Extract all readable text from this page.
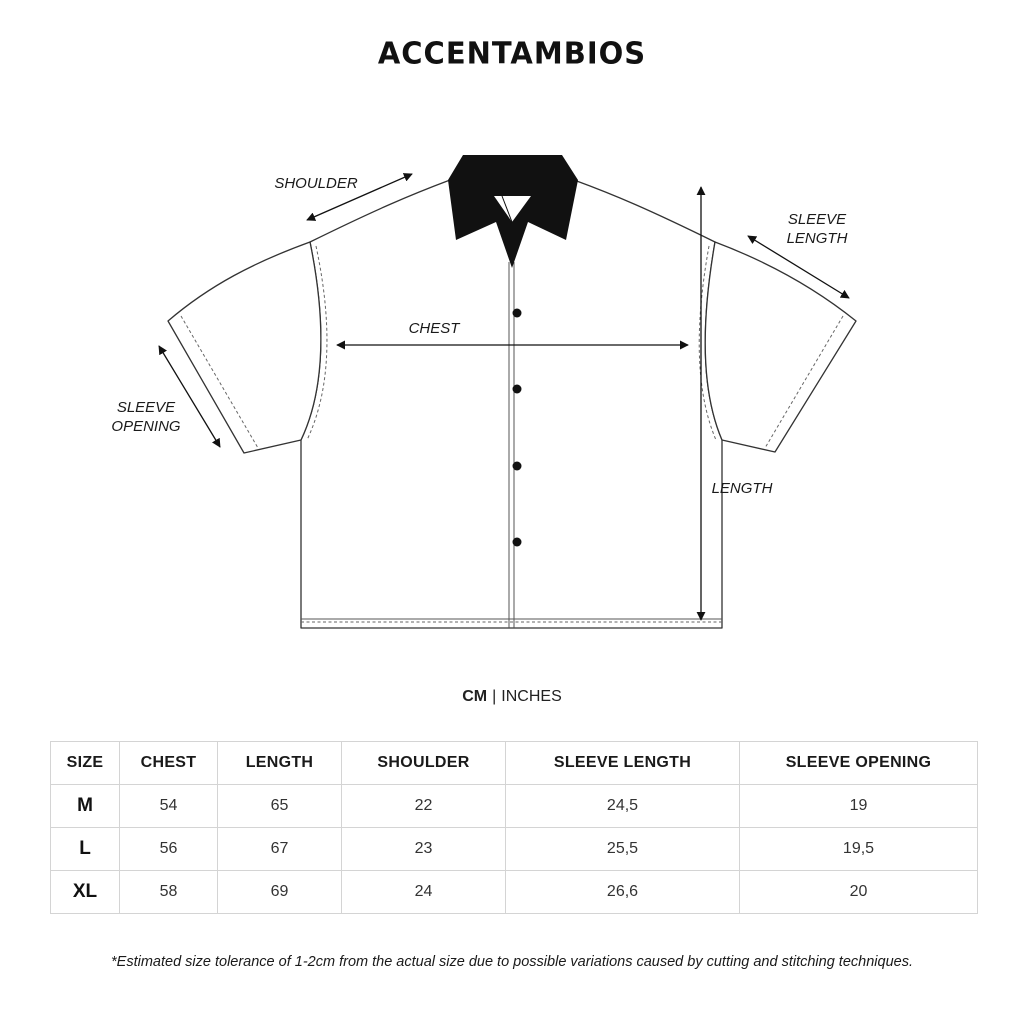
ACCENTAMBIOS
SHOULDER
CHEST
SLEEVE
LENGTH
SLEEVE
OPENING
LENGTH
CM | INCHES
SIZE	CHEST	LENGTH	SHOULDER	SLEEVE LENGTH	SLEEVE OPENING
M	54	65	22	24,5	19
L	56	67	23	25,5	19,5
XL	58	69	24	26,6	20
*Estimated size tolerance of 1-2cm from the actual size due to possible variations caused by cutting and stitching techniques.
